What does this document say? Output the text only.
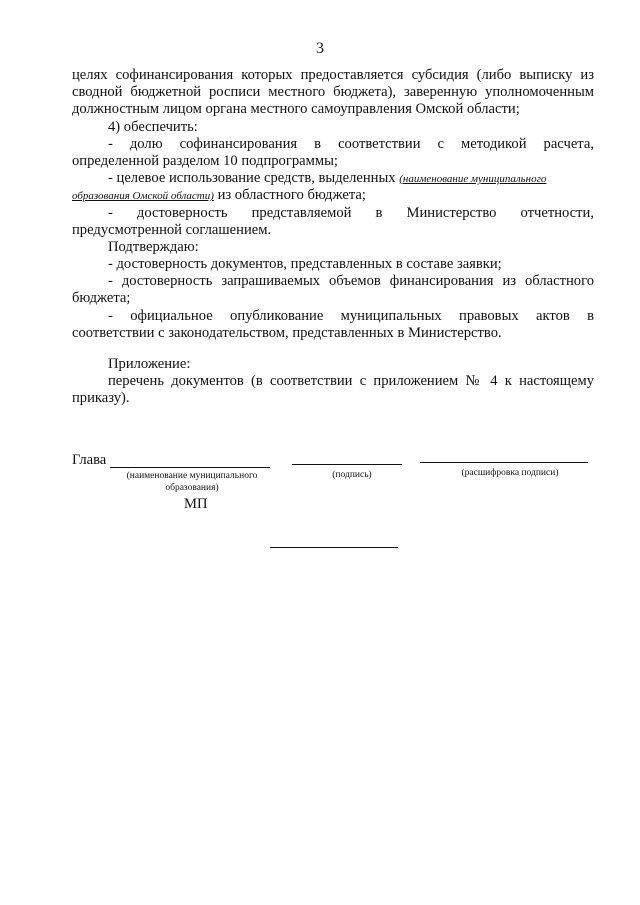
3
целях софинансирования которых предоставляется субсидия (либо выписку из
сводной бюджетной росписи местного бюджета), заверенную уполномоченным
должностным лицом органа местного самоуправления Омской области;
4) обеспечить:
- долю софинансирования в соответствии с методикой расчета,
определенной разделом 10 подпрограммы;
- целевое использование средств, выделенных (наименование муниципального
образования Омской области) из областного бюджета;
- достоверность представляемой в Министерство отчетности,
предусмотренной соглашением.
Подтверждаю:
- достоверность документов, представленных в составе заявки;
- достоверность запрашиваемых объемов финансирования из областного
бюджета;
- официальное опубликование муниципальных правовых актов в
соответствии с законодательством, представленных в Министерство.
Приложение:
перечень документов (в соответствии с приложением № 4 к настоящему
приказу).
Глава
(наименование муниципального образования)
(подпись)	(расшифровка подписи)
МП
